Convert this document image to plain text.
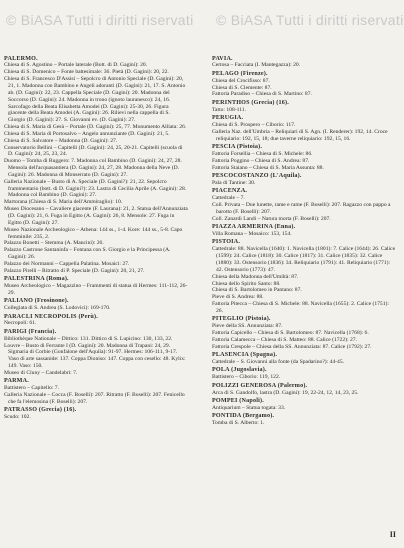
© BiASA Tutti i diritti riservati © BiASA Tutti i diritti riservati

PALERMO.

Chiesa di S. Agostino – Portale laterale (Bott. di D. Gagini): 20.

Chiesa di S. Domenico – Fonte battesimale: 36. Pietà (D. Gagini): 20, 22.

Chiesa di S. Francesco D'Assisi – Sepolcro di Antonio Speciale (D. Gagini): 20, 21, 1. Madonna con Bambino e Angeli adoranti (D. Gagini): 21, 17. S. Antonio ab. (D. Gagini): 22, 23. Cappella Speciale (D. Gagini): 20. Madonna del Soccorso (D. Gagini): 24. Madonna in trono (ignoto lauranesco): 24, 16. Sarcofago della Beata Elisabetta Amodei (D. Gagini): 25-30, 26. Figura giacente della Beata Amodei (A. Gagini): 26. Rilievi nella cappella di S. Giorgio (D. Gagini): 27. S. Giovanni ev. (D. Gagini): 27.

Chiesa di S. Maria di Gesù – Portale (D. Gagini): 25, 77. Monumento Alliata: 26.

Chiesa di S. Maria di Portosalvo – Angelo annunziante (D. Gagini): 21, 5.

Chiesa di S. Salvatore – Madonna (D. Gagini): 27.

Conservatorio Bellini – Capitelli (D. Gagini): 24, 25, 20-21. Capitelli (scuola di D. Gagini): 24, 25, 23, 24.

Duomo – Tomba di Ruggero: 7. Madonna col Bambino (D. Gagini): 24, 27, 28. Mensola dell'acquasantiera (D. Gagini): 24, 27, 28. Madonna della Neve (D. Gagini): 26. Madonna di Monserrato (D. Gagini): 27.

Galleria Nazionale – Busto di A. Speciale (D. Gagini?): 21, 22. Sepolcro frammentario (bott. di D. Gagini?): 23. Lastra di Cecilia Aprile (A. Gagini): 28. Madonna col Bambino (D. Gagini): 27.

Martorana (Chiesa di S. Maria dell'Ammiraglio): 10.

Museo Diocesano – Cavaliere giacente (F. Laurana): 21, 2. Statua dell'Annunziata (D. Gagini): 21, 6. Fuga in Egitto (A. Gagini): 26, 8. Mensole: 27. Fuga in Egitto (D. Gagini): 27.

Museo Nazionale Archeologico – Athena: 144 ss., 1-4. Kore: 144 ss., 5-8. Capo femminile: 235, 2.

Palazzo Bonetti – Stemma (A. Mancini): 26.

Palazzo Castrone Santaninfa – Fontana con S. Giorgio e la Principessa (A. Gagini): 26.

Palazzo dei Normanni – Cappella Palatina. Mosaici: 27.

Palazzo Pirelli – Ritratto di P. Speciale (D. Gagini): 20, 21, 27.

PALESTRINA (Roma).

Museo Archeologico – Magazzino – Frammenti di statua di Hermes: 111-112, 26-29.

PALIANO (Frosinone).

Collegiata di S. Andrea (S. Lodovici): 169-170.

PARACLI NECROPOLIS (Perù).

Necropoli: 61.

PARIGI (Francia).

Bibliothèque Nationale – Dittico: 131. Dittico di S. Lupicino: 130, 133, 22.

Louvre – Busto di Ferrante I (D. Gagini): 20. Madonna di Trapani: 24, 29. Sigmaria di Corbie (Gonfalone dell'Aquila): 91-97. Hermes: 106-111, 9-17. Vaso di arte sassanide: 137. Coppa Dioniso: 147. Coppa con cesello: 48. Kylix: 149. Vaso: 150.

Museo di Cluny – Candelabri: 7.

PARMA.

Battistero – Capitello: 7.

Galleria Nazionale – Cocca (F. Boselli): 207. Ritratto (F. Boselli): 207. Fenicello che fa l'elemosina (F. Boselli): 207.

PATRASSO (Grecia) (16).

Scudo: 102.

PAVIA.

Certosa – Facciata (I. Mantegazza): 20.

PELAGO (Firenze).

Chiesa del Crocifisso: 87.

Chiesa di S. Clemente: 87.

Fattoria Paradiso – Chiesa di S. Martino: 87.

PERINTHOS (Grecia) (16).

Tatto: 108-111.

PERUGIA.

Chiesa di S. Prospero – Ciborio: 117.

Galleria Naz. dell'Umbria – Reliquiari di S. Agn. (I. Renderer): 192, 14. Croce reliquiario: 192, 15, 18; due taverne reliquiario: 192, 15, 16.

PESCIA (Pistoia).

Fattoria Forsellia – Chiesa di S. Michele: 86.

Fattoria Poggino – Chiesa di S. Andrea: 87.

Fattoria Staiano – Chiesa di S. Maria Assunta: 88.

PESCOCOSTANZO (L'Aquila).

Pala di Tantine: 30.

PIACENZA.

Cattedrale – 7.

Coll. Privata – Due lunette, rame e rame (F. Boselli): 207. Ragazzo con pappo a barotto (F. Boselli): 207.

Coll. Zanardi Landi – Natura morta (F. Boselli): 207.

PIAZZA ARMERINA (Enna).

Villa Romana – Mosaico: 153, 154.

PISTOIA.

Cattedrale: 88. Navicella (1640): 1. Navicella (1801): 7. Calice (1644): 26. Calice (1599): 24. Calice (1818): 30. Calice (1817): 31. Calice (1835): 32. Calice (1880): 33. Ostensorio (1836): 34. Reliquiario (1791): 41. Reliquiario (1771): 42. Ostensorio (1773): 47.

Chiesa della Madonna dell'Umiltà: 87.

Chiesa dello Spirito Santo: 88.

Chiesa di S. Bartolomeo in Pantano: 87.

Pieve di S. Andrea: 88.

Fattoria Pitecca – Chiesa di S. Michele: 88. Navicella (1655): 2. Calice (1751): 26.

PITEGLIO (Pistoia).

Pieve della SS. Annunziata: 87.

Fattoria Capicello – Chiesa di S. Bartolomeo: 87. Navicella (1768): 6.

Fattoria Calamecca – Chiesa di S. Matteo: 88. Calice (1722): 27.

Fattoria Crespole – Chiesa della SS. Annunziata: 87. Calice (1792): 27.

PLASENCIA (Spagna).

Cattedrale – S. Giovanni alla fonte (da Spadarino?): 44-45.

POLA (Jugoslavia).

Battistero – Ciborio: 119, 122.

POLIZZI GENEROSA (Palermo).

Arca di S. Gandolfo, lastra (D. Gagini): 19, 22-24, 12, 14, 23, 25.

POMPEI (Napoli).

Antiquarium – Statua togata: 33.

PONTIDA (Bergamo).

Tomba di S. Alberto: 1.

II
